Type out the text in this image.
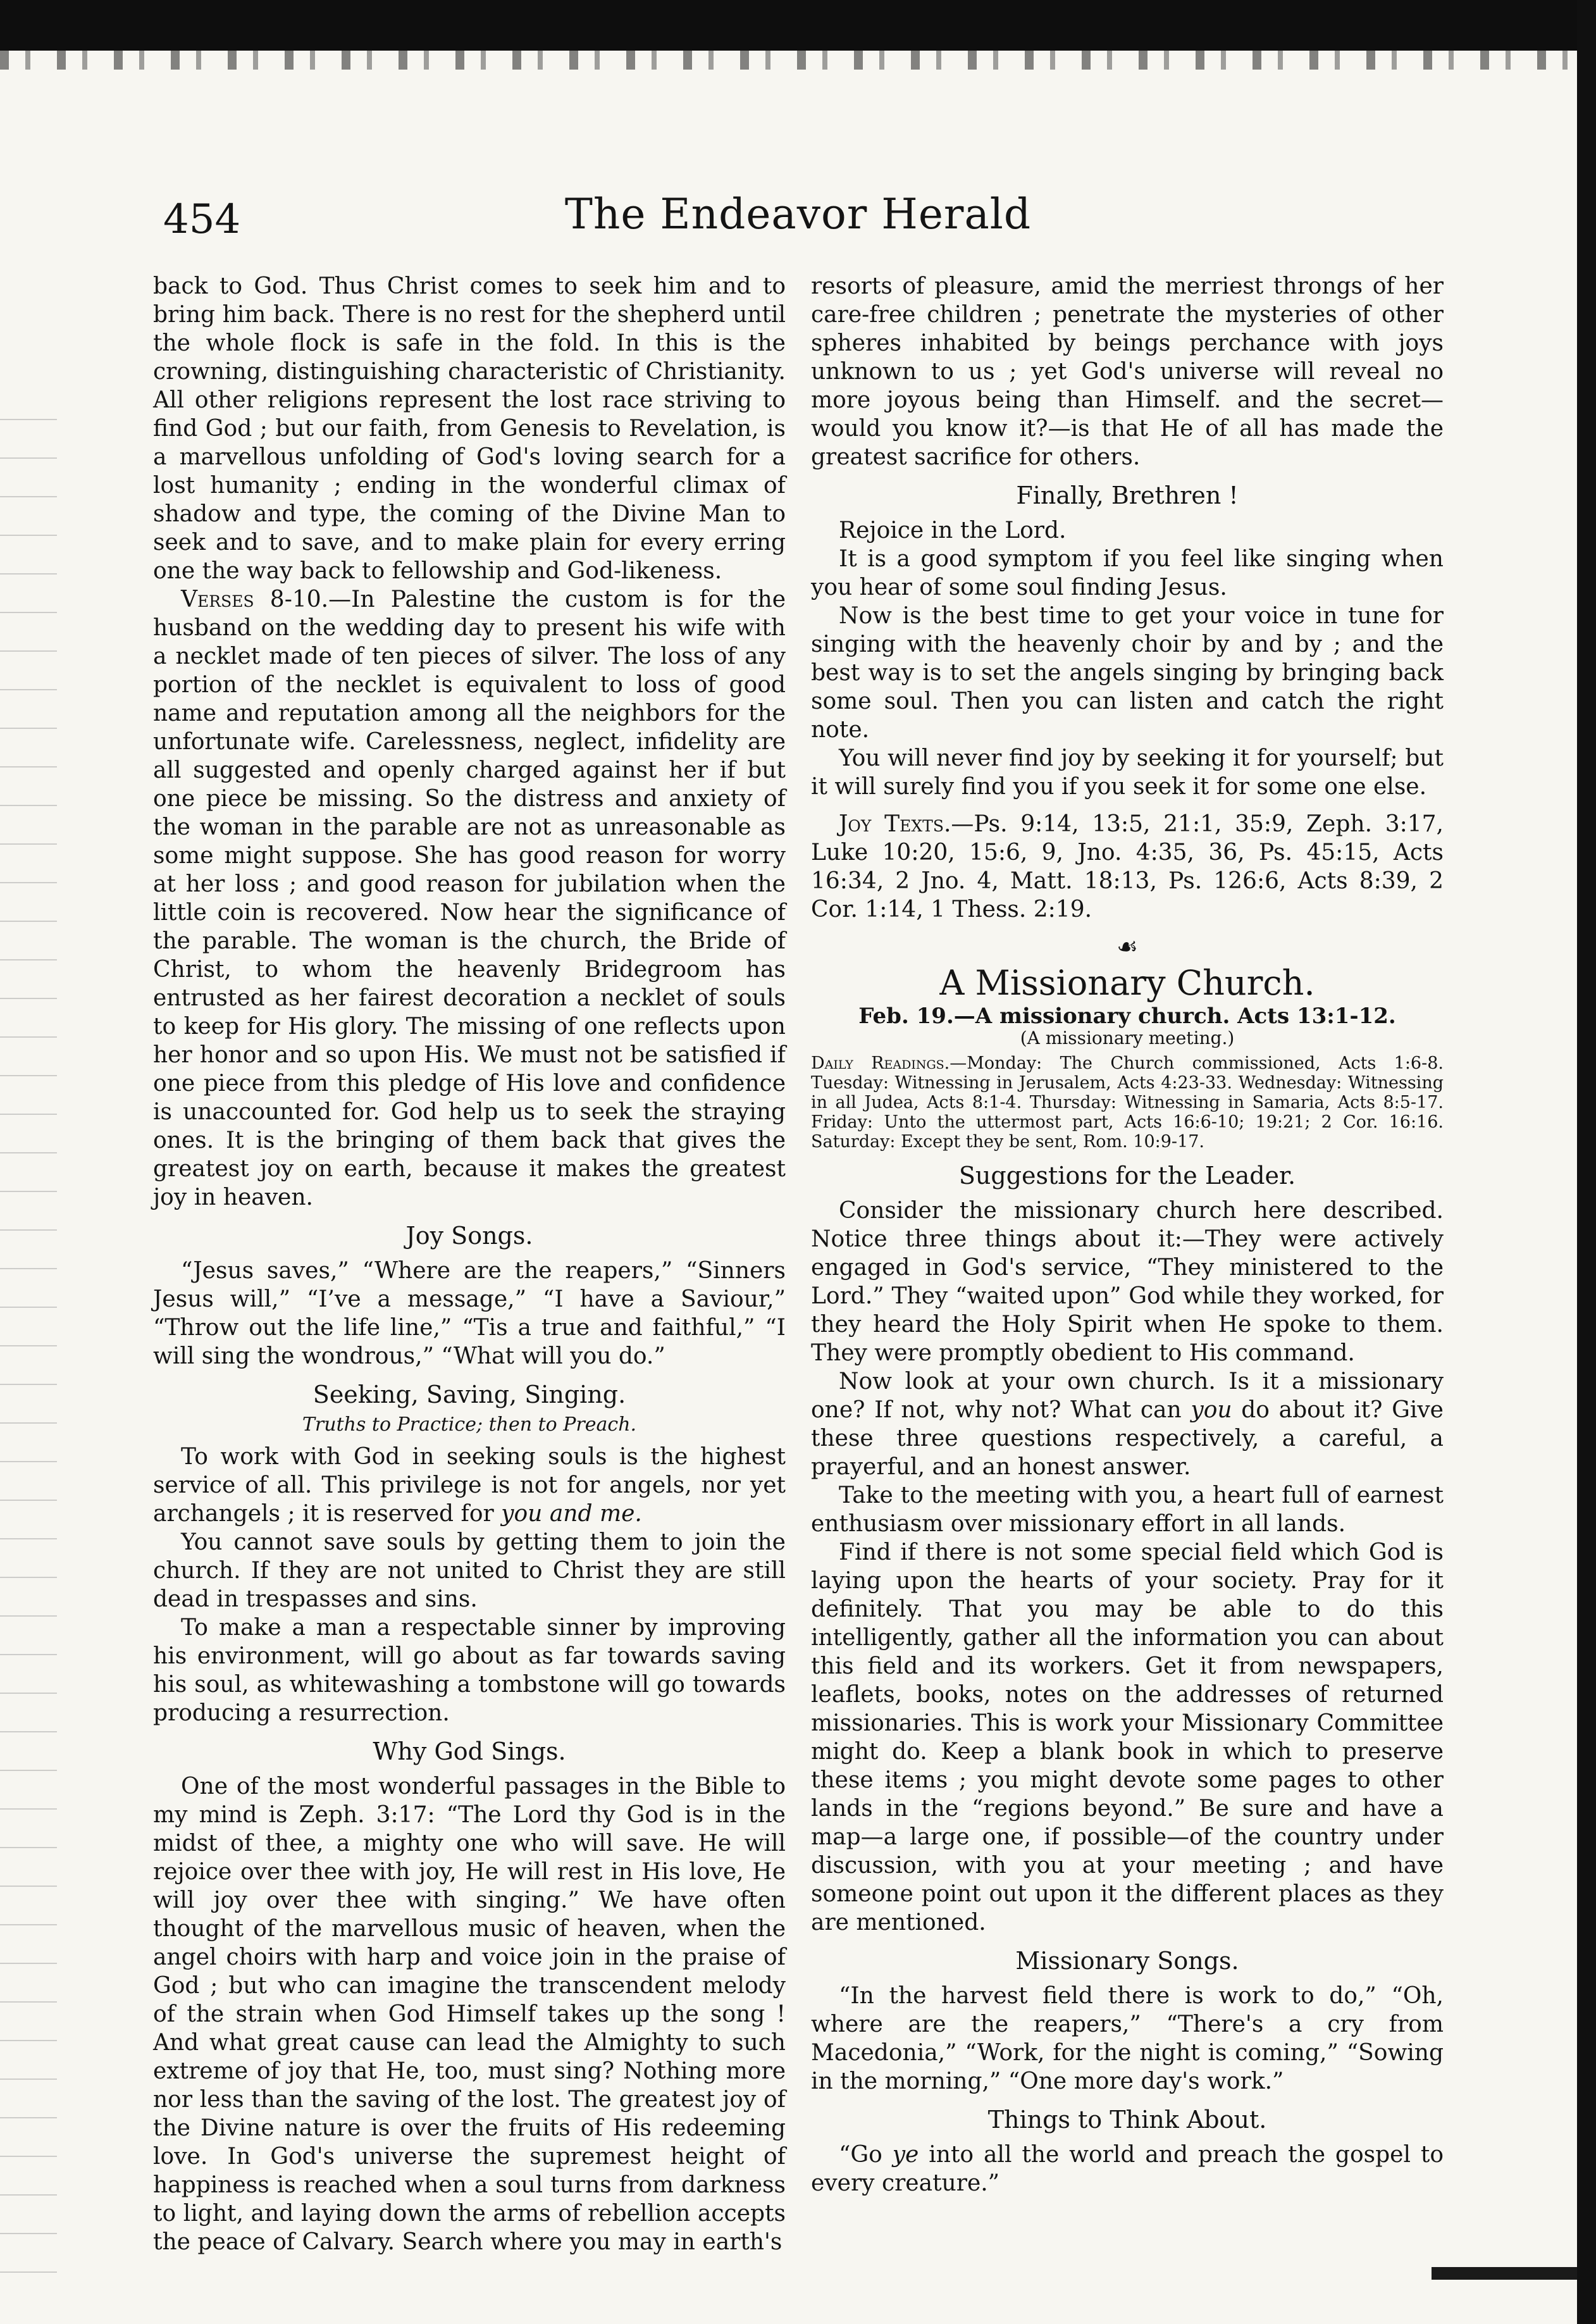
454	The Endeavor Herald

back to God. Thus Christ comes to seek him and to bring him back. There is no rest for the shepherd until the whole flock is safe in the fold. In this is the crowning, distinguishing characteristic of Christianity. All other religions represent the lost race striving to find God ; but our faith, from Genesis to Revelation, is a marvellous unfolding of God's loving search for a lost humanity ; ending in the wonderful climax of shadow and type, the coming of the Divine Man to seek and to save, and to make plain for every erring one the way back to fellowship and God-likeness.

Verses 8-10.—In Palestine the custom is for the husband on the wedding day to present his wife with a necklet made of ten pieces of silver. The loss of any portion of the necklet is equivalent to loss of good name and reputation among all the neighbors for the unfortunate wife. Carelessness, neglect, infidelity are all suggested and openly charged against her if but one piece be missing. So the distress and anxiety of the woman in the parable are not as unreasonable as some might suppose. She has good reason for worry at her loss ; and good reason for jubilation when the little coin is recovered. Now hear the significance of the parable. The woman is the church, the Bride of Christ, to whom the heavenly Bridegroom has entrusted as her fairest decoration a necklet of souls to keep for His glory. The missing of one reflects upon her honor and so upon His. We must not be satisfied if one piece from this pledge of His love and confidence is unaccounted for. God help us to seek the straying ones. It is the bringing of them back that gives the greatest joy on earth, because it makes the greatest joy in heaven.

Joy Songs.

“Jesus saves,” “Where are the reapers,” “Sinners Jesus will,” “I’ve a message,” “I have a Saviour,” “Throw out the life line,” “Tis a true and faithful,” “I will sing the wondrous,” “What will you do.”

Seeking, Saving, Singing.
Truths to Practice; then to Preach.

To work with God in seeking souls is the highest service of all. This privilege is not for angels, nor yet archangels ; it is reserved for you and me.

You cannot save souls by getting them to join the church. If they are not united to Christ they are still dead in trespasses and sins.

To make a man a respectable sinner by improving his environment, will go about as far towards saving his soul, as whitewashing a tombstone will go towards producing a resurrection.

Why God Sings.

One of the most wonderful passages in the Bible to my mind is Zeph. 3:17: “The Lord thy God is in the midst of thee, a mighty one who will save. He will rejoice over thee with joy, He will rest in His love, He will joy over thee with singing.” We have often thought of the marvellous music of heaven, when the angel choirs with harp and voice join in the praise of God ; but who can imagine the transcendent melody of the strain when God Himself takes up the song ! And what great cause can lead the Almighty to such extreme of joy that He, too, must sing? Nothing more nor less than the saving of the lost. The greatest joy of the Divine nature is over the fruits of His redeeming love. In God's universe the supremest height of happiness is reached when a soul turns from darkness to light, and laying down the arms of rebellion accepts the peace of Calvary. Search where you may in earth's

resorts of pleasure, amid the merriest throngs of her care-free children ; penetrate the mysteries of other spheres inhabited by beings perchance with joys unknown to us ; yet God's universe will reveal no more joyous being than Himself. and the secret—would you know it?—is that He of all has made the greatest sacrifice for others.

Finally, Brethren !

Rejoice in the Lord.

It is a good symptom if you feel like singing when you hear of some soul finding Jesus.

Now is the best time to get your voice in tune for singing with the heavenly choir by and by ; and the best way is to set the angels singing by bringing back some soul. Then you can listen and catch the right note.

You will never find joy by seeking it for yourself; but it will surely find you if you seek it for some one else.

Joy Texts.—Ps. 9:14, 13:5, 21:1, 35:9, Zeph. 3:17, Luke 10:20, 15:6, 9, Jno. 4:35, 36, Ps. 45:15, Acts 16:34, 2 Jno. 4, Matt. 18:13, Ps. 126:6, Acts 8:39, 2 Cor. 1:14, 1 Thess. 2:19.

☙
A Missionary Church.
Feb. 19.—A missionary church. Acts 13:1-12.
(A missionary meeting.)

Daily Readings.—Monday: The Church commissioned, Acts 1:6-8. Tuesday: Witnessing in Jerusalem, Acts 4:23-33. Wednesday: Witnessing in all Judea, Acts 8:1-4. Thursday: Witnessing in Samaria, Acts 8:5-17. Friday: Unto the uttermost part, Acts 16:6-10; 19:21; 2 Cor. 16:16. Saturday: Except they be sent, Rom. 10:9-17.

Suggestions for the Leader.

Consider the missionary church here described. Notice three things about it:—They were actively engaged in God's service, “They ministered to the Lord.” They “waited upon” God while they worked, for they heard the Holy Spirit when He spoke to them. They were promptly obedient to His command.

Now look at your own church. Is it a missionary one? If not, why not? What can you do about it? Give these three questions respectively, a careful, a prayerful, and an honest answer.

Take to the meeting with you, a heart full of earnest enthusiasm over missionary effort in all lands.

Find if there is not some special field which God is laying upon the hearts of your society. Pray for it definitely. That you may be able to do this intelligently, gather all the information you can about this field and its workers. Get it from newspapers, leaflets, books, notes on the addresses of returned missionaries. This is work your Missionary Committee might do. Keep a blank book in which to preserve these items ; you might devote some pages to other lands in the “regions beyond.” Be sure and have a map—a large one, if possible—of the country under discussion, with you at your meeting ; and have someone point out upon it the different places as they are mentioned.

Missionary Songs.

“In the harvest field there is work to do,” “Oh, where are the reapers,” “There's a cry from Macedonia,” “Work, for the night is coming,” “Sowing in the morning,” “One more day's work.”

Things to Think About.

“Go ye into all the world and preach the gospel to every creature.”
